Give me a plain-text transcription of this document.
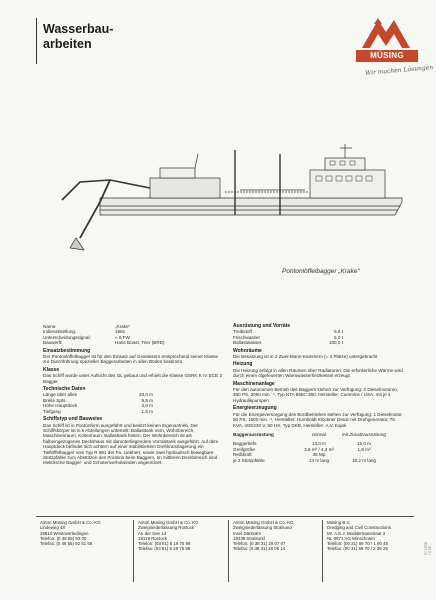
Wasserbau-
arbeiten
MÜSING
Wir machen Lösungen
Pontonlöffelbagger „Krake“
Name:	„Krake“
Indienststellung:	1981
Unterscheidungssignal:	« 8 FW
Bauwerft:	Hans Boost, Trier (BRD)
Einsatzbestimmung

Der Pontonlöffelbagger ist für den Einsatz auf Gewässern entsprechend seiner Klasse zur Durchführung spezieller Baggerarbeiten in allen Böden bestimmt.

Klasse

Das Schiff wurde unter Aufsicht des GL gebaut und erhielt die Klasse GSRK K IV ECE 2 Bagger

Technische Daten
Länge über alles	33,0 m
Breite Spts.	9,5 m
Höhe Hauptdeck	3,0 m
Tiefgang	1,5 m
Schiffstyp und Bauweise

Das Schiff ist in Pontonform ausgeführt und besitzt keinen Eigenantrieb. Der Schiffskörper ist in 5 Abteilungen unterteilt: Ballasttank vorn, Wohnbereich, Maschinenraum, Kokenraum, Ballasttank hinten. Der Wohnbereich ist als halbeingezogenes Deckshaus mit darunterliegendem Vorratstank ausgeführt. Auf dem Hauptdeck befindet sich achtern auf einer stabilisiertem Drehkranzlagerung ein Tieflöffelbagger vom Typ R 981 der Fa. Liebherr, sowie zwei hydraulisch bewegbare Stützpfähle zum Abstützen des Pontons beim Baggern. Im mittleren Deckbereich sind elektrische Bagger- und Schutenverholwinden angeordnet.

Ausrüstung und Vorräte
Treibstoff	9,5 t
Frischwasser	5,0 t
Ballastwasser	100,0 t
Wohnräume

Die Besatzung ist in 2 Zwei-Mann-Kammern (= 4 Plätze) untergebracht

Heizung

Die Heizung erfolgt in allen Räumen über Radiatoren. Die erforderliche Wärme wird durch einen ölgefeuerten Warmwasserheizkessel erzeugt.

Maschinenanlage

Für den autonomen Betrieb des Baggers stehen zur Verfügung: 2 Dieselmotoren, 380 PS, 2050 min.⁻¹, Typ NTA 855C 360, Hersteller: Cummins / USA, mit je 4 Hydraulikpumpen

Energieerzeugung

Für die Energieversorgung des Bordbetriebes stehen zur Verfügung: 1 Dieselmotor, 50 PS, 1500 min.⁻¹, Hersteller: Humboldt Klöckner Deutz mit Drehgenerator, 75 KVA, 400/230 V, 50 HX, Typ DKB, Hersteller: A.V. Kajok

Baggerausrüstung	normal	mit Zusatzausrüstung
Baggertiefe	13,0 m	15,0 m
Greifgröße	3,6 m³ / 4,3 m³	1,8 m³
Reißkraft	35 Mp
je 2 Stützpfähle	14 m lang	19,2 m lang
Anton Müsing GmbH & Co. KG
Lindeweg 48
26810 Westoverledingen
Telefon: (0 49 55) 92 00
Telefax: (0 49 55) 92 51 68
Anton Müsing GmbH & Co. KG
Zweigniederlassung Rostock
An der See 14
18119 Rostock
Telefon: (03 81) 5 19 75 99
Telefax: (03 81) 5 19 75 98
Anton Müsing GmbH & Co. KG
Zweigniederlassung Stralsund
Insel Dänholm
18439 Stralsund
Telefon: (0 38 31) 29 07 07
Telefax: (0 38 31) 28 06 14
Müsing B.V.
Dredging and Civil Constructions
Mr. A.E.J. Moddermanstraat 3
NL 9671 AG Winschoten
Telefon: (00 31) 59 70 / 1 90 45
Telefax: (00 31) 59 70 / 2 36 28	07.1998 / 0.05
